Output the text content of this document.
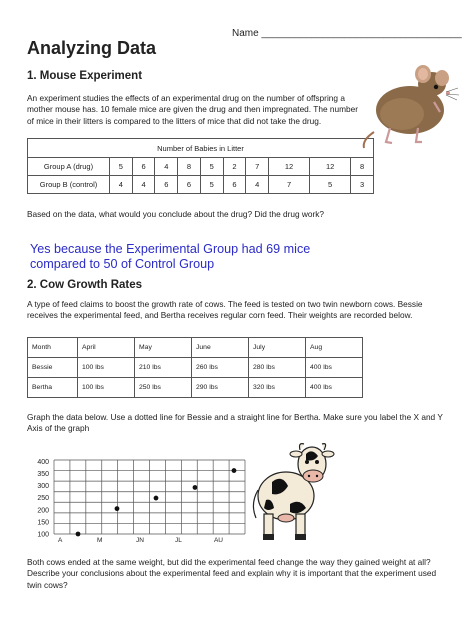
Name ____________________________________
Analyzing Data
1. Mouse Experiment
An experiment studies the effects of an experimental drug on the number of offspring a mother mouse has. 10 female mice are given the drug and then impregnated. The number of mice in their litters is compared to the litters of mice that did not take the drug.
Number of Babies in Litter										
Group A (drug)	5	6	4	8	5	2	7	12	12	8
Group B (control)	4	4	6	6	5	6	4	7	5	3
Based on the data, what would you conclude about the drug? Did the drug work?
Yes because the Experimental Group had 69 mice compared to 50 of Control Group
2. Cow Growth Rates
A type of feed claims to boost the growth rate of cows. The feed is tested on two twin newborn cows. Bessie receives the experimental feed, and Bertha receives regular corn feed. Their weights are recorded below.
Month	April	May	June	July	Aug
Bessie	100 lbs	210 lbs	260 lbs	280 lbs	400 lbs
Bertha	100 lbs	250 lbs	290 lbs	320 lbs	400 lbs
Graph the data below. Use a dotted line for Bessie and a straight line for Bertha. Make sure you label the X and Y Axis of the graph
400
350
300
250
200
150
100
A	M	JN	JL	AU
Both cows ended at the same weight, but did the experimental feed change the way they gained weight at all? Describe your conclusions about the experimental feed and explain why it is important that the experiment used twin cows?
